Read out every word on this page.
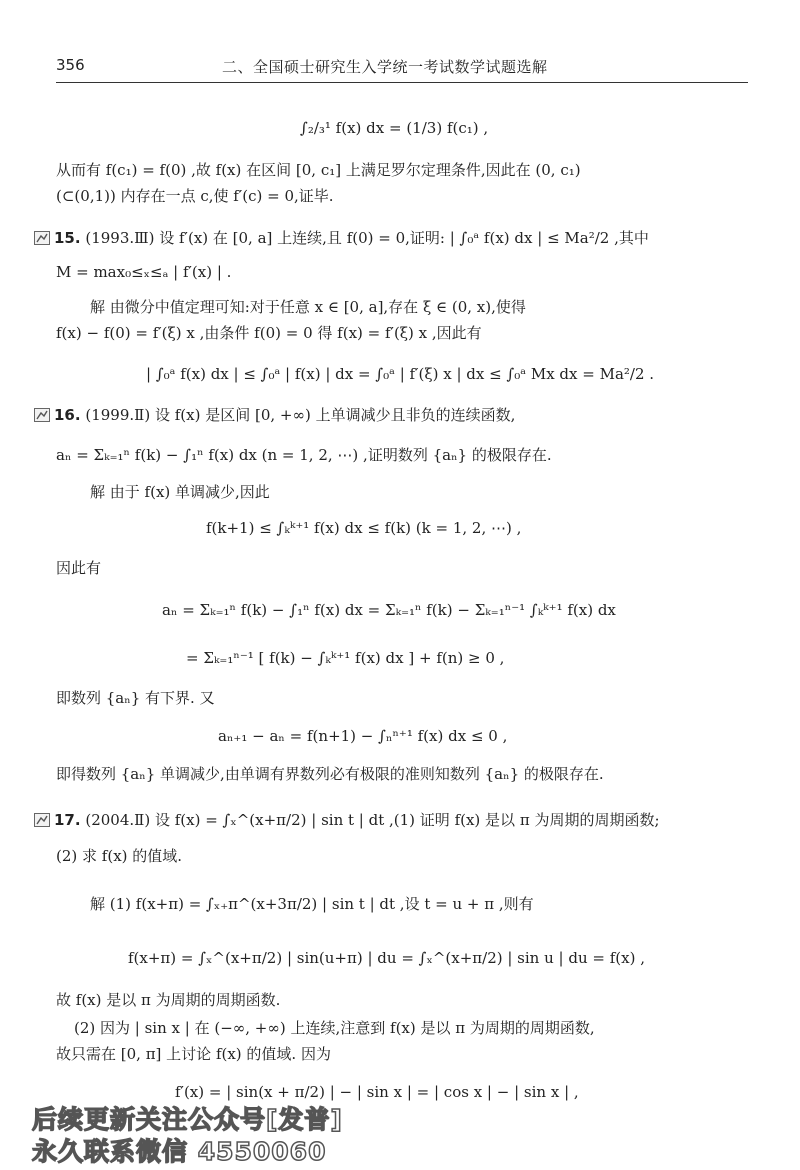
356	二、全国硕士研究生入学统一考试数学试题选解
∫₂/₃¹ f(x) dx = (1/3) f(c₁) ,
从而有 f(c₁) = f(0) ,故 f(x) 在区间 [0, c₁] 上满足罗尔定理条件,因此在 (0, c₁)
(⊂(0,1)) 内存在一点 c,使 f′(c) = 0,证毕.
15. (1993.Ⅲ) 设 f′(x) 在 [0, a] 上连续,且 f(0) = 0,证明: | ∫₀ᵃ f(x) dx | ≤ Ma²/2 ,其中
M = max₀≤ₓ≤ₐ | f′(x) | .
解 由微分中值定理可知:对于任意 x ∈ [0, a],存在 ξ ∈ (0, x),使得
f(x) − f(0) = f′(ξ) x ,由条件 f(0) = 0 得 f(x) = f′(ξ) x ,因此有
| ∫₀ᵃ f(x) dx | ≤ ∫₀ᵃ | f(x) | dx = ∫₀ᵃ | f′(ξ) x | dx ≤ ∫₀ᵃ Mx dx = Ma²/2 .
16. (1999.Ⅱ) 设 f(x) 是区间 [0, +∞) 上单调减少且非负的连续函数,
aₙ = Σₖ₌₁ⁿ f(k) − ∫₁ⁿ f(x) dx (n = 1, 2, ⋯) ,证明数列 {aₙ} 的极限存在.
解 由于 f(x) 单调减少,因此
f(k+1) ≤ ∫ₖᵏ⁺¹ f(x) dx ≤ f(k) (k = 1, 2, ⋯) ,
因此有
aₙ = Σₖ₌₁ⁿ f(k) − ∫₁ⁿ f(x) dx = Σₖ₌₁ⁿ f(k) − Σₖ₌₁ⁿ⁻¹ ∫ₖᵏ⁺¹ f(x) dx
= Σₖ₌₁ⁿ⁻¹ [ f(k) − ∫ₖᵏ⁺¹ f(x) dx ] + f(n) ≥ 0 ,
即数列 {aₙ} 有下界. 又
aₙ₊₁ − aₙ = f(n+1) − ∫ₙⁿ⁺¹ f(x) dx ≤ 0 ,
即得数列 {aₙ} 单调减少,由单调有界数列必有极限的准则知数列 {aₙ} 的极限存在.
17. (2004.Ⅱ) 设 f(x) = ∫ₓ^(x+π/2) | sin t | dt ,(1) 证明 f(x) 是以 π 为周期的周期函数;
(2) 求 f(x) 的值域.
解 (1) f(x+π) = ∫ₓ₊π^(x+3π/2) | sin t | dt ,设 t = u + π ,则有
f(x+π) = ∫ₓ^(x+π/2) | sin(u+π) | du = ∫ₓ^(x+π/2) | sin u | du = f(x) ,
故 f(x) 是以 π 为周期的周期函数.
(2) 因为 | sin x | 在 (−∞, +∞) 上连续,注意到 f(x) 是以 π 为周期的周期函数,
故只需在 [0, π] 上讨论 f(x) 的值域. 因为
f′(x) = | sin(x + π/2) | − | sin x | = | cos x | − | sin x | ,
后续更新关注公众号[发普]
永久联系微信 4550060
